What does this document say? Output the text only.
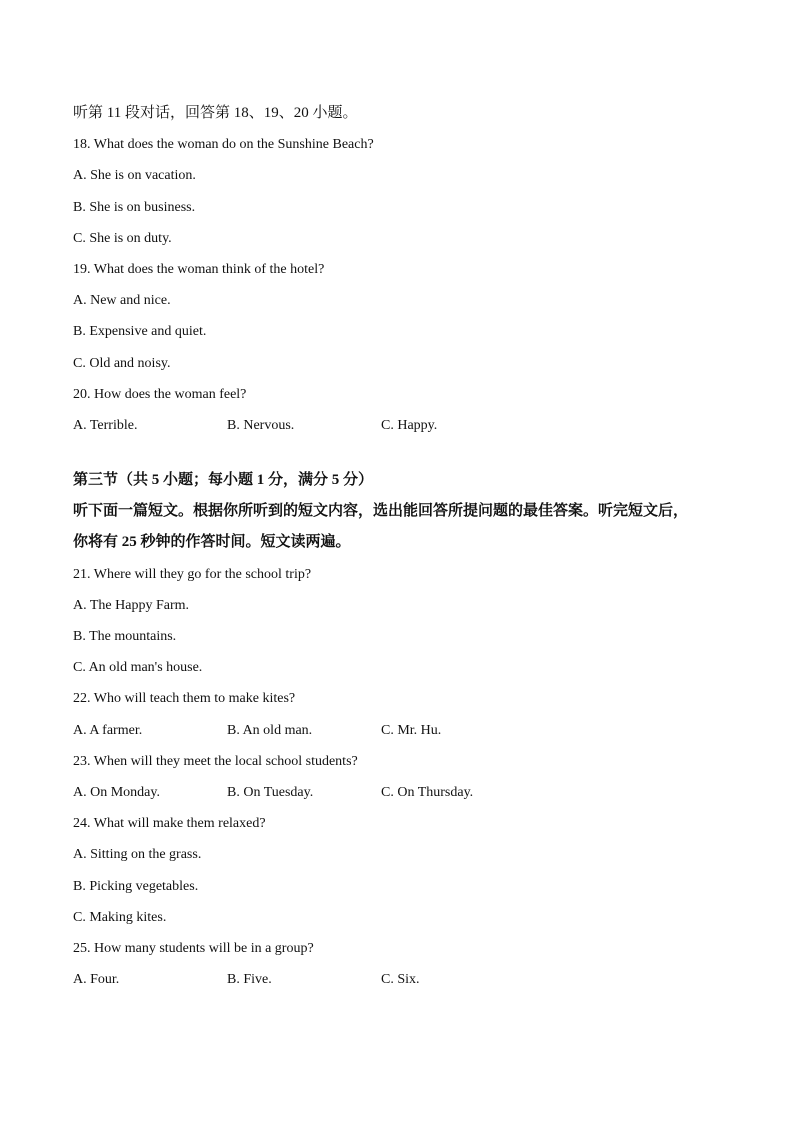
听第 11 段对话，回答第 18、19、20 小题。
18. What does the woman do on the Sunshine Beach?
A. She is on vacation.
B. She is on business.
C. She is on duty.
19. What does the woman think of the hotel?
A. New and nice.
B. Expensive and quiet.
C. Old and noisy.
20. How does the woman feel?
A. Terrible.	B. Nervous.	C. Happy.
第三节（共 5 小题；每小题 1 分，满分 5 分）
听下面一篇短文。根据你所听到的短文内容，选出能回答所提问题的最佳答案。听完短文后，
你将有 25 秒钟的作答时间。短文读两遍。
21. Where will they go for the school trip?
A. The Happy Farm.
B. The mountains.
C. An old man's house.
22. Who will teach them to make kites?
A. A farmer.	B. An old man.	C. Mr. Hu.
23. When will they meet the local school students?
A. On Monday.	B. On Tuesday.	C. On Thursday.
24. What will make them relaxed?
A. Sitting on the grass.
B. Picking vegetables.
C. Making kites.
25. How many students will be in a group?
A. Four.	B. Five.	C. Six.
